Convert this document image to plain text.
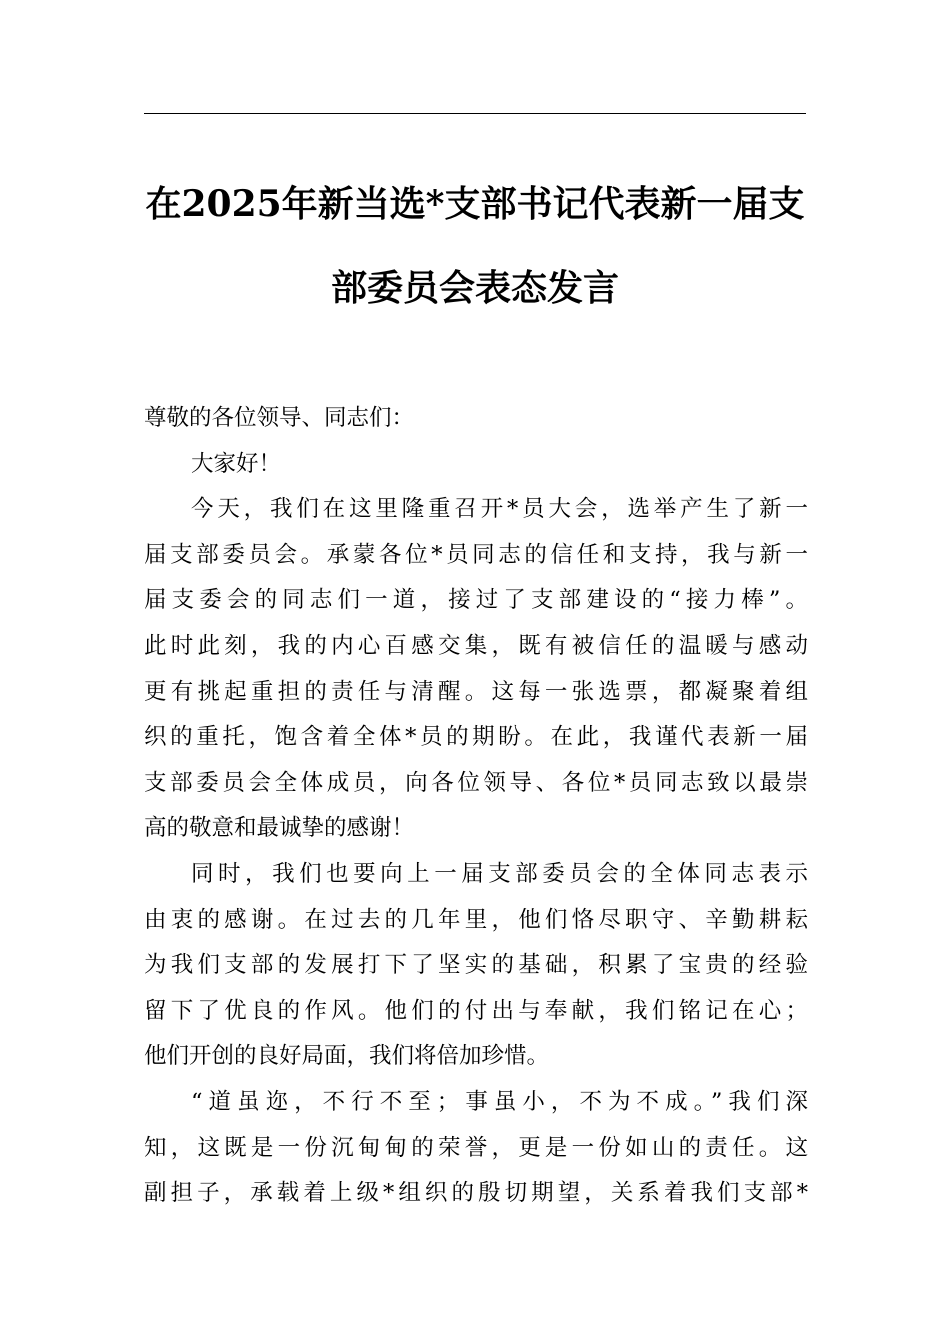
在2025年新当选*支部书记代表新一届支
部委员会表态发言
尊敬的各位领导、同志们：
大家好！
今天，我们在这里隆重召开*员大会，选举产生了新一
届支部委员会。承蒙各位*员同志的信任和支持，我与新一
届支委会的同志们一道，接过了支部建设的“接力棒”。
此时此刻，我的内心百感交集，既有被信任的温暖与感动
更有挑起重担的责任与清醒。这每一张选票，都凝聚着组
织的重托，饱含着全体*员的期盼。在此，我谨代表新一届
支部委员会全体成员，向各位领导、各位*员同志致以最崇
高的敬意和最诚挚的感谢！
同时，我们也要向上一届支部委员会的全体同志表示
由衷的感谢。在过去的几年里，他们恪尽职守、辛勤耕耘
为我们支部的发展打下了坚实的基础，积累了宝贵的经验
留下了优良的作风。他们的付出与奉献，我们铭记在心；
他们开创的良好局面，我们将倍加珍惜。
“道虽迩，不行不至；事虽小，不为不成。”我们深
知，这既是一份沉甸甸的荣誉，更是一份如山的责任。这
副担子，承载着上级*组织的殷切期望，关系着我们支部*
